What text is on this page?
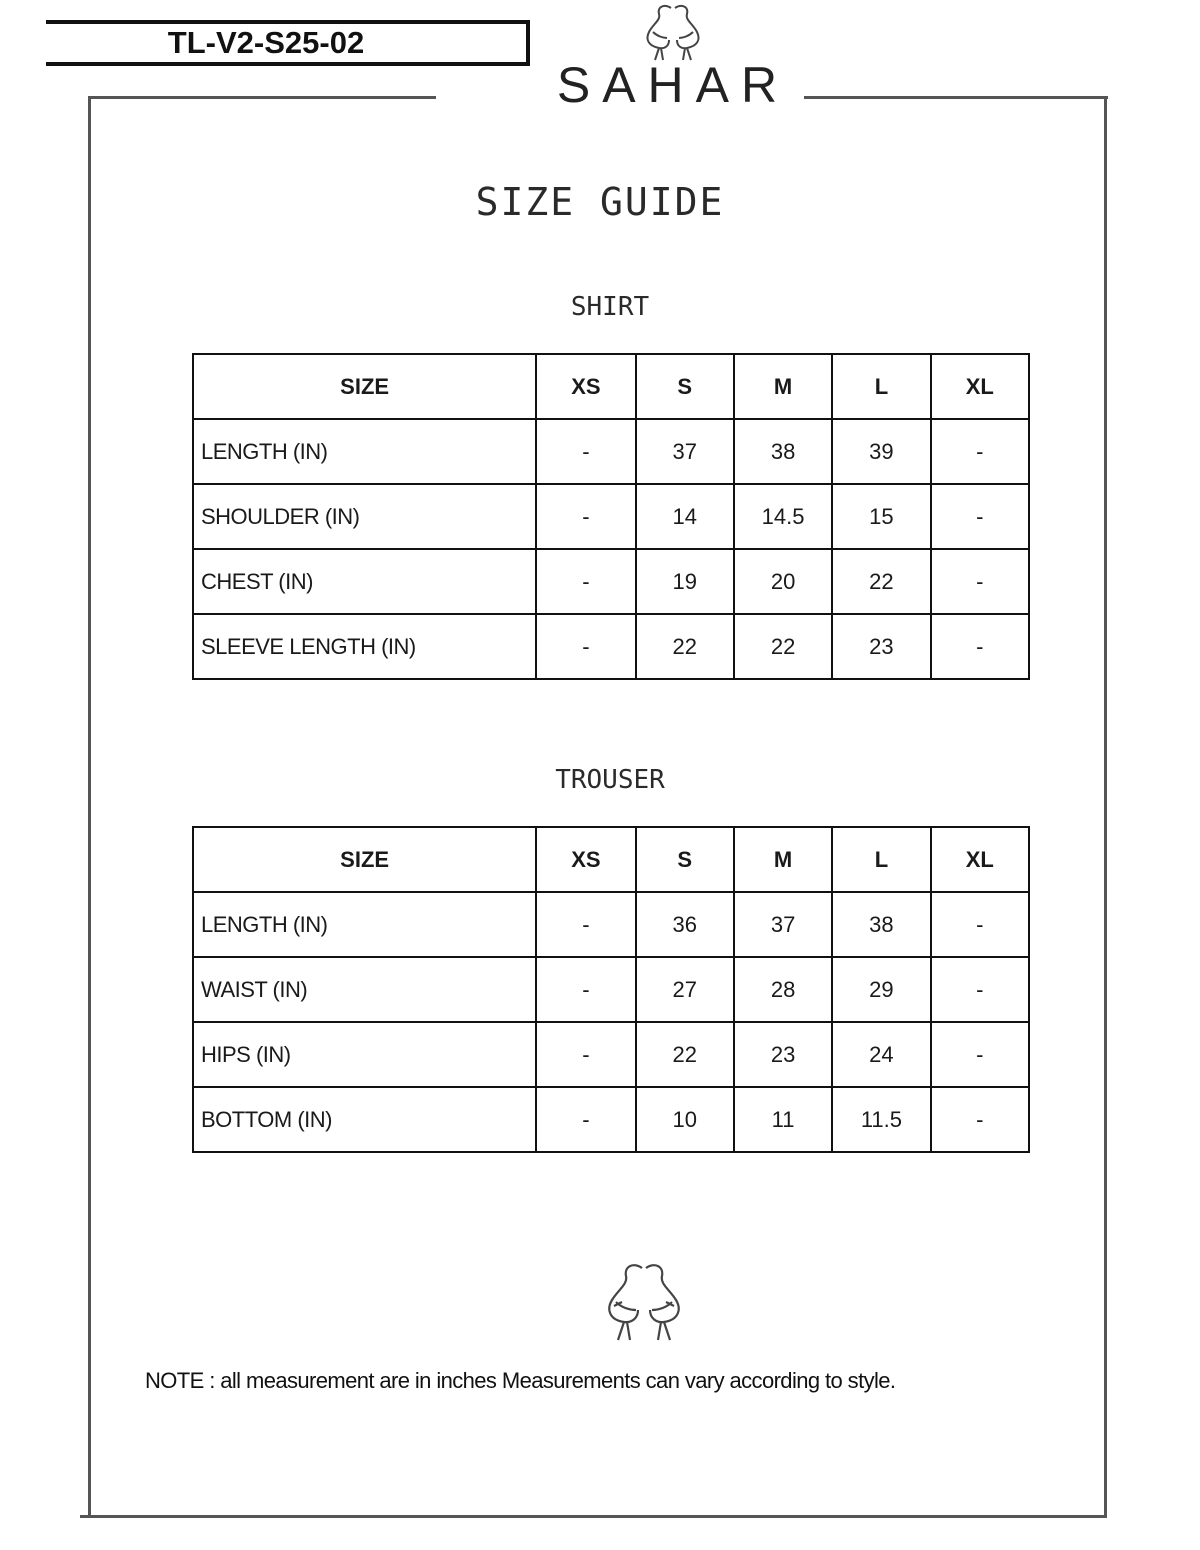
TL-V2-S25-02
SAHAR
SIZE GUIDE
SHIRT
SIZE	XS	S	M	L	XL
LENGTH (IN)	-	37	38	39	-
SHOULDER (IN)	-	14	14.5	15	-
CHEST (IN)	-	19	20	22	-
SLEEVE LENGTH (IN)	-	22	22	23	-
TROUSER
SIZE	XS	S	M	L	XL
LENGTH (IN)	-	36	37	38	-
WAIST (IN)	-	27	28	29	-
HIPS (IN)	-	22	23	24	-
BOTTOM (IN)	-	10	11	11.5	-
NOTE : all measurement are in inches Measurements can vary according to style.
